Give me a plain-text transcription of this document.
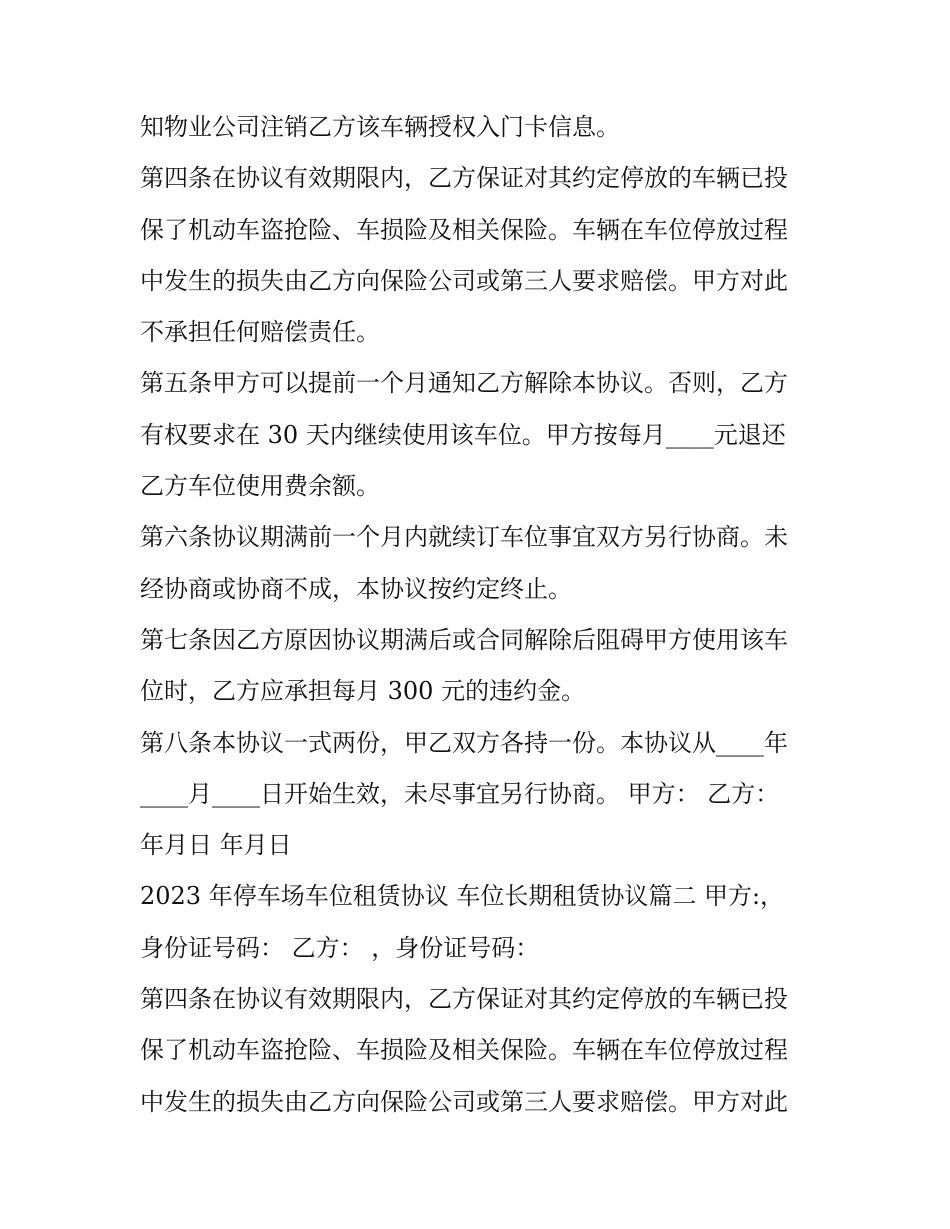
知物业公司注销乙方该车辆授权入门卡信息。
第四条在协议有效期限内，乙方保证对其约定停放的车辆已投
保了机动车盗抢险、车损险及相关保险。车辆在车位停放过程
中发生的损失由乙方向保险公司或第三人要求赔偿。甲方对此
不承担任何赔偿责任。
第五条甲方可以提前一个月通知乙方解除本协议。否则，乙方
有权要求在 30 天内继续使用该车位。甲方按每月____元退还
乙方车位使用费余额。
第六条协议期满前一个月内就续订车位事宜双方另行协商。未
经协商或协商不成，本协议按约定终止。
第七条因乙方原因协议期满后或合同解除后阻碍甲方使用该车
位时，乙方应承担每月 300 元的违约金。
第八条本协议一式两份，甲乙双方各持一份。本协议从____年
____月____日开始生效，未尽事宜另行协商。 甲方： 乙方：
年月日 年月日
2023 年停车场车位租赁协议 车位长期租赁协议篇二 甲方:，
身份证号码： 乙方： ，身份证号码：
第四条在协议有效期限内，乙方保证对其约定停放的车辆已投
保了机动车盗抢险、车损险及相关保险。车辆在车位停放过程
中发生的损失由乙方向保险公司或第三人要求赔偿。甲方对此
